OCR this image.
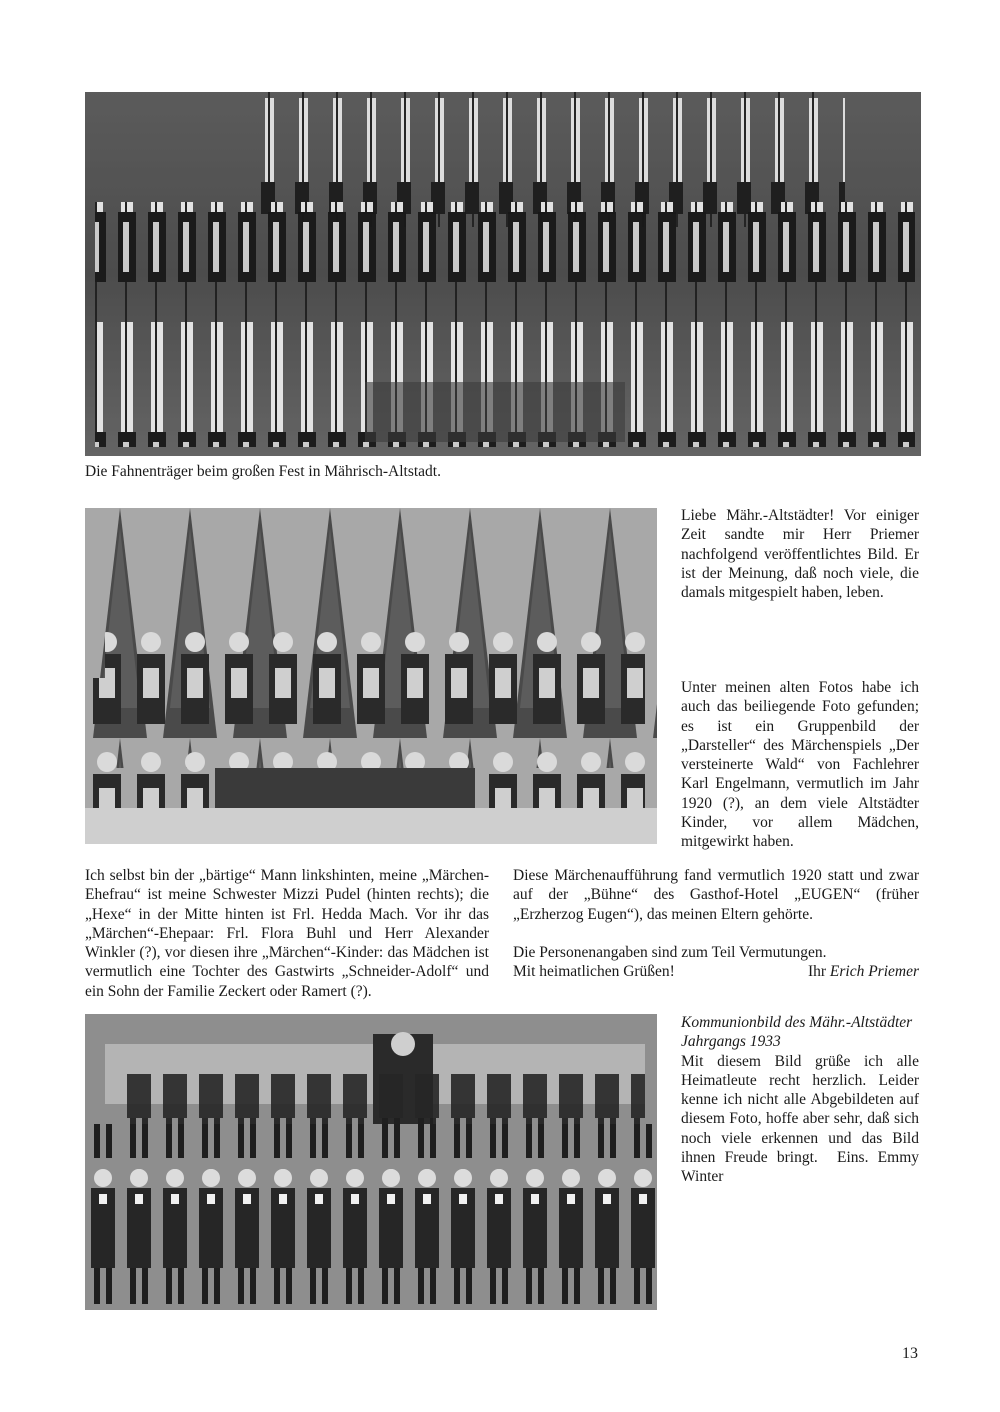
Die Fahnenträger beim großen Fest in Mährisch-Altstadt.

Liebe Mähr.-Altstädter! Vor einiger Zeit sandte mir Herr Priemer nachfolgend veröffentlichtes Bild. Er ist der Meinung, daß noch viele, die damals mitgespielt haben, leben.

Unter meinen alten Fotos habe ich auch das beiliegende Foto gefunden; es ist ein Gruppenbild der „Darsteller“ des Märchenspiels „Der versteinerte Wald“ von Fachlehrer Karl Engelmann, vermutlich im Jahr 1920 (?), an dem viele Altstädter Kinder, vor allem Mädchen, mitgewirkt haben.

Ich selbst bin der „bärtige“ Mann linkshinten, meine „Märchen-Ehefrau“ ist meine Schwester Mizzi Pudel (hinten rechts); die „Hexe“ in der Mitte hinten ist Frl. Hedda Mach. Vor ihr das „Märchen“-Ehepaar: Frl. Flora Buhl und Herr Alexander Winkler (?), vor diesen ihre „Märchen“-Kinder: das Mädchen ist vermutlich eine Tochter des Gastwirts „Schneider-Adolf“ und ein Sohn der Familie Zeckert oder Ramert (?).

Diese Märchenaufführung fand vermutlich 1920 statt und zwar auf der „Bühne“ des Gasthof-Hotel „EUGEN“ (früher „Erzherzog Eugen“), das meinen Eltern gehörte.

Die Personenangaben sind zum Teil Vermutungen.

Mit heimatlichen Grüßen!	Ihr Erich Priemer

Kommunionbild des Mähr.-Altstädter Jahrgangs 1933

Mit diesem Bild grüße ich alle Heimatleute recht herzlich. Leider kenne ich nicht alle Abgebildeten auf diesem Foto, hoffe aber sehr, daß sich noch viele erkennen und das Bild ihnen Freude bringt. Eins. Emmy Winter

13
